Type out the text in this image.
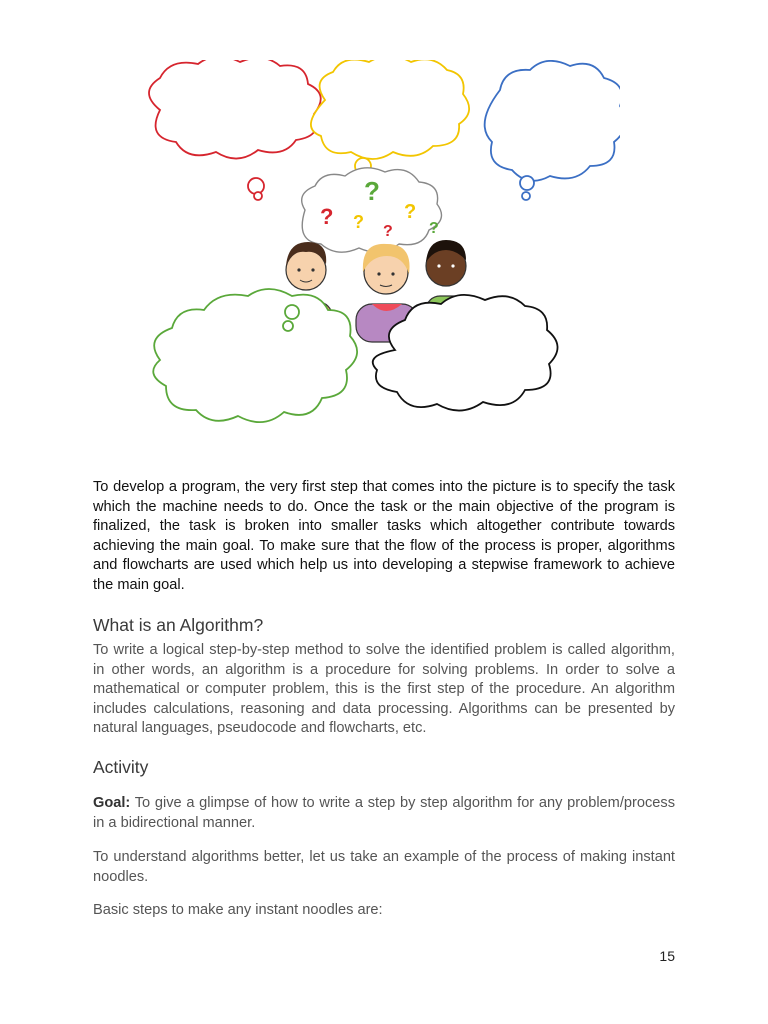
?
?
? ?
? ?

To develop a program, the very first step that comes into the picture is to specify the task which the machine needs to do. Once the task or the main objective of the program is finalized, the task is broken into smaller tasks which altogether contribute towards achieving the main goal. To make sure that the flow of the process is proper, algorithms and flowcharts are used which help us into developing a stepwise framework to achieve the main goal.

What is an Algorithm?

To write a logical step-by-step method to solve the identified problem is called algorithm, in other words, an algorithm is a procedure for solving problems. In order to solve a mathematical or computer problem, this is the first step of the procedure. An algorithm includes calculations, reasoning and data processing. Algorithms can be presented by natural languages, pseudocode and flowcharts, etc.

Activity

Goal: To give a glimpse of how to write a step by step algorithm for any problem/process in a bidirectional manner.

To understand algorithms better, let us take an example of the process of making instant noodles.

Basic steps to make any instant noodles are:

15
